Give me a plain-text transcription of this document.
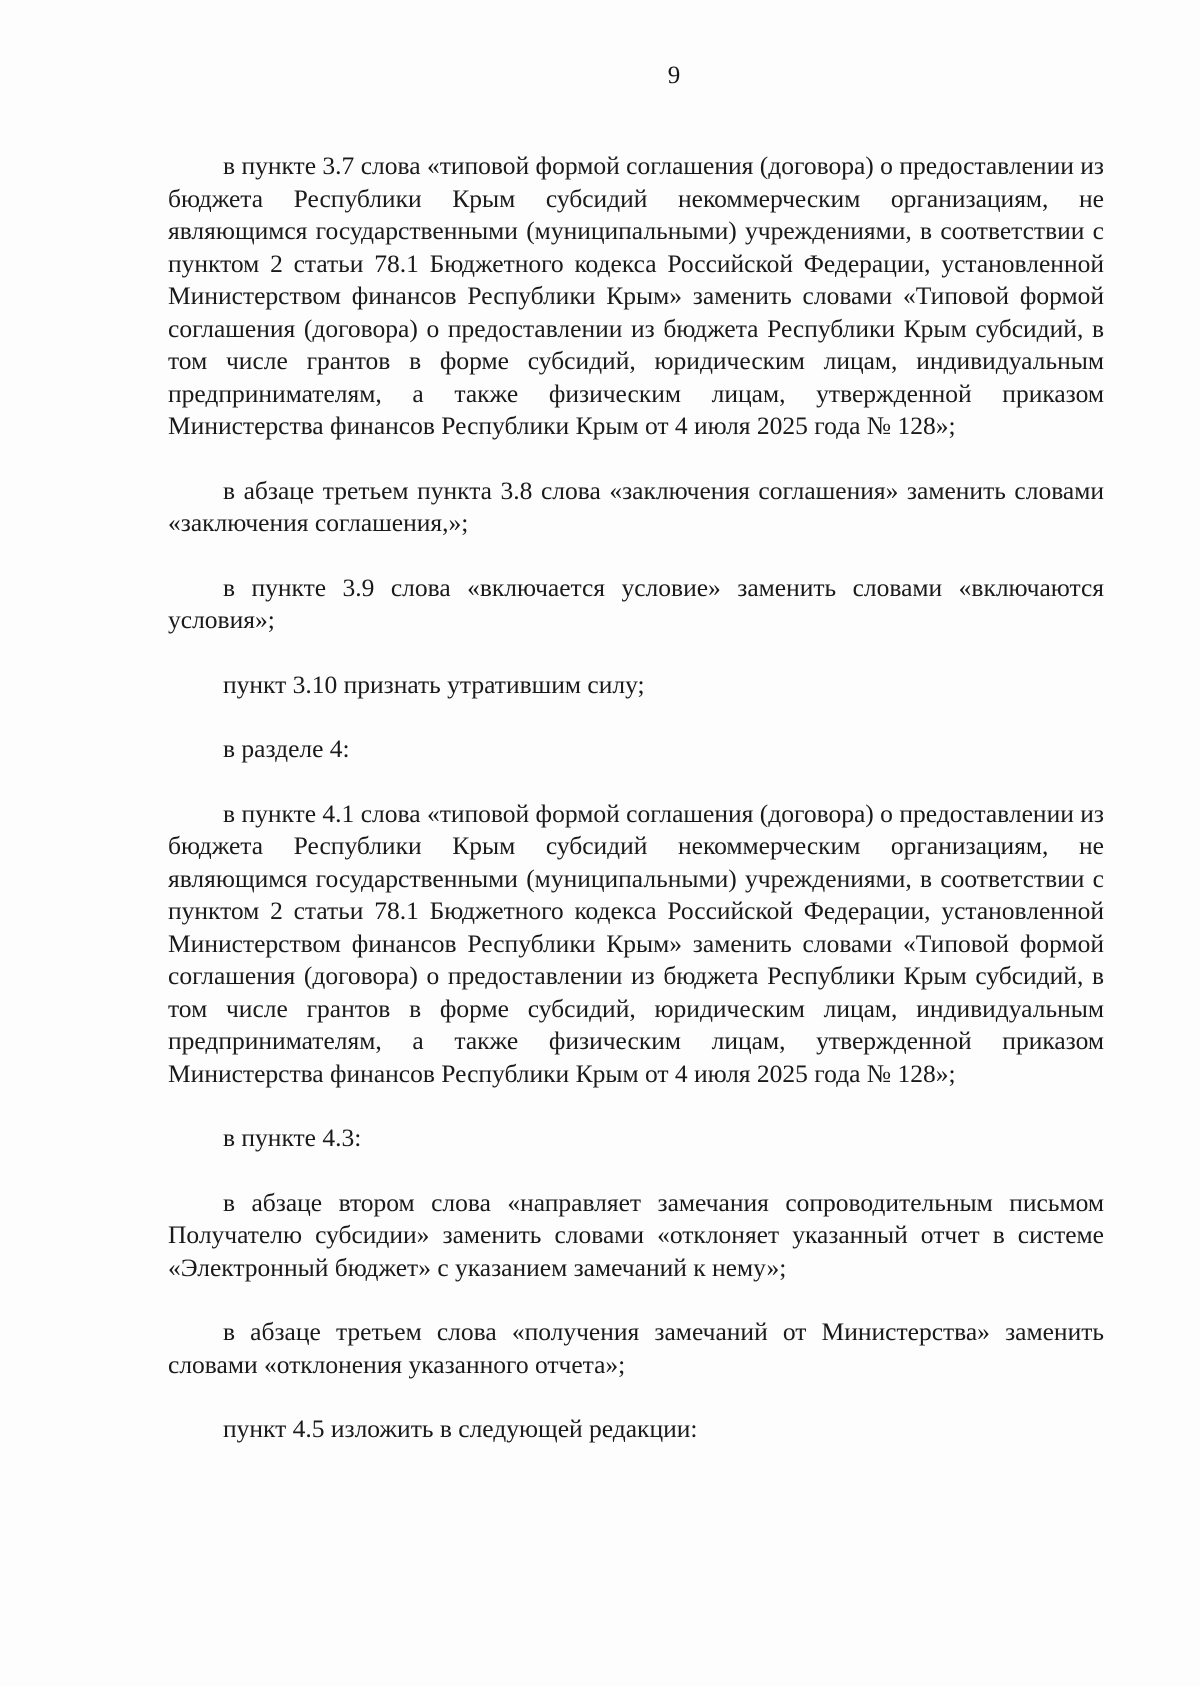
9

в пункте 3.7 слова «типовой формой соглашения (договора) о предоставлении из бюджета Республики Крым субсидий некоммерческим организациям, не являющимся государственными (муниципальными) учреждениями, в соответствии с пунктом 2 статьи 78.1 Бюджетного кодекса Российской Федерации, установленной Министерством финансов Республики Крым» заменить словами «Типовой формой соглашения (договора) о предоставлении из бюджета Республики Крым субсидий, в том числе грантов в форме субсидий, юридическим лицам, индивидуальным предпринимателям, а также физическим лицам, утвержденной приказом Министерства финансов Республики Крым от 4 июля 2025 года № 128»;

в абзаце третьем пункта 3.8 слова «заключения соглашения» заменить словами «заключения соглашения,»;

в пункте 3.9 слова «включается условие» заменить словами «включаются условия»;

пункт 3.10 признать утратившим силу;

в разделе 4:

в пункте 4.1 слова «типовой формой соглашения (договора) о предоставлении из бюджета Республики Крым субсидий некоммерческим организациям, не являющимся государственными (муниципальными) учреждениями, в соответствии с пунктом 2 статьи 78.1 Бюджетного кодекса Российской Федерации, установленной Министерством финансов Республики Крым» заменить словами «Типовой формой соглашения (договора) о предоставлении из бюджета Республики Крым субсидий, в том числе грантов в форме субсидий, юридическим лицам, индивидуальным предпринимателям, а также физическим лицам, утвержденной приказом Министерства финансов Республики Крым от 4 июля 2025 года № 128»;

в пункте 4.3:

в абзаце втором слова «направляет замечания сопроводительным письмом Получателю субсидии» заменить словами «отклоняет указанный отчет в системе «Электронный бюджет» с указанием замечаний к нему»;

в абзаце третьем слова «получения замечаний от Министерства» заменить словами «отклонения указанного отчета»;

пункт 4.5 изложить в следующей редакции:
